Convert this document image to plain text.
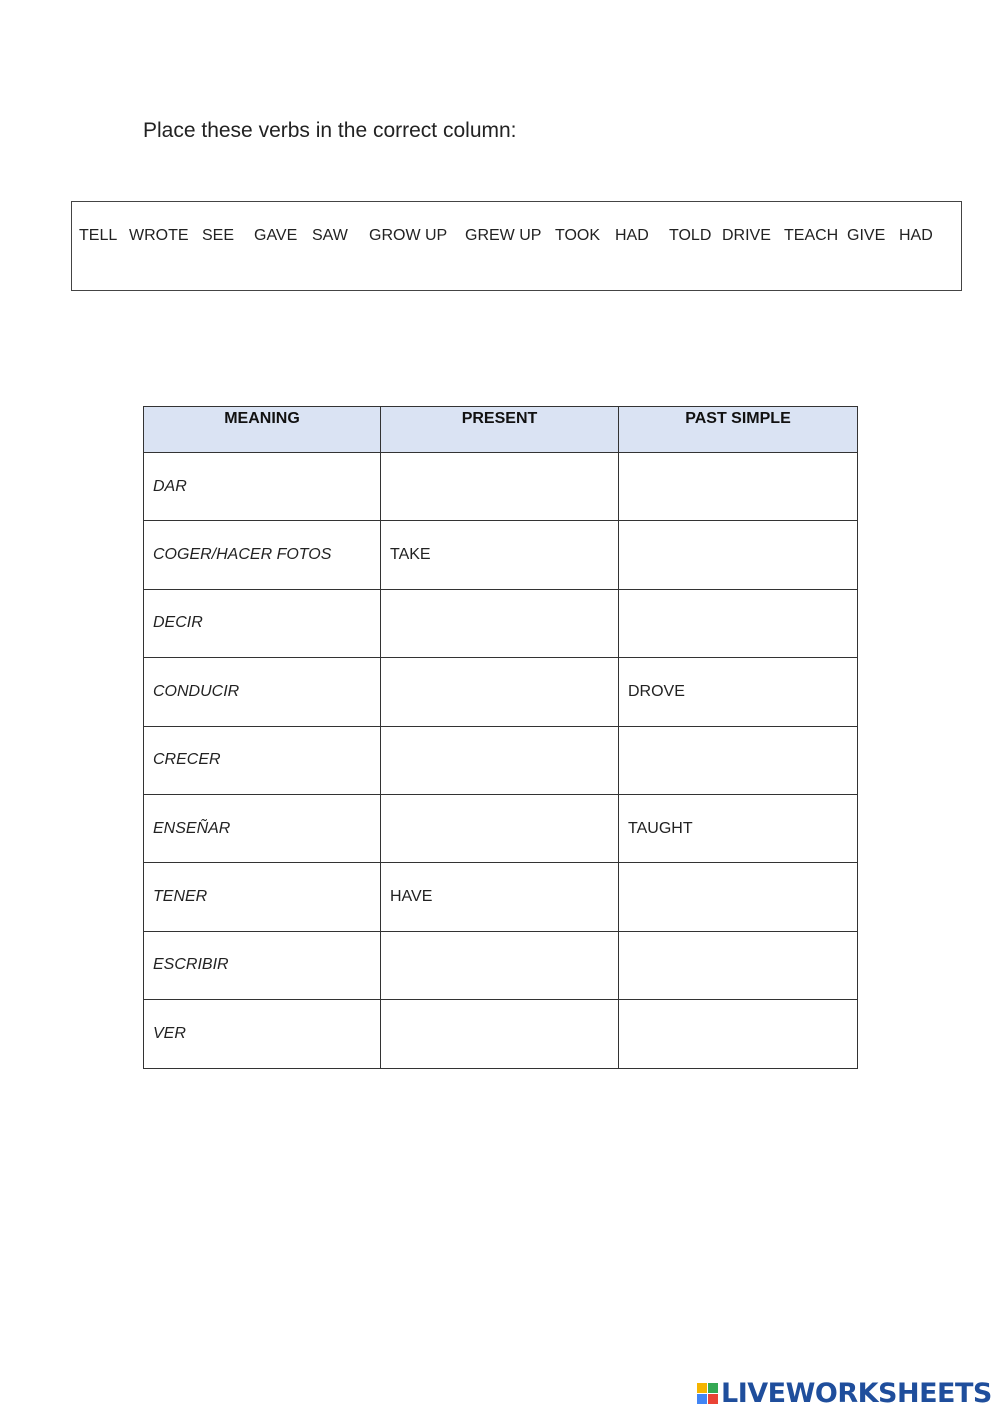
Place these verbs in the correct column:
TELL WROTE SEE GAVE SAW GROW UP GREW UP TOOK HAD TOLD DRIVE TEACH GIVE HAD
MEANING	PRESENT	PAST SIMPLE
DAR		
COGER/HACER FOTOS	TAKE	
DECIR		
CONDUCIR		DROVE
CRECER		
ENSEÑAR		TAUGHT
TENER	HAVE	
ESCRIBIR		
VER		
LIVEWORKSHEETS
